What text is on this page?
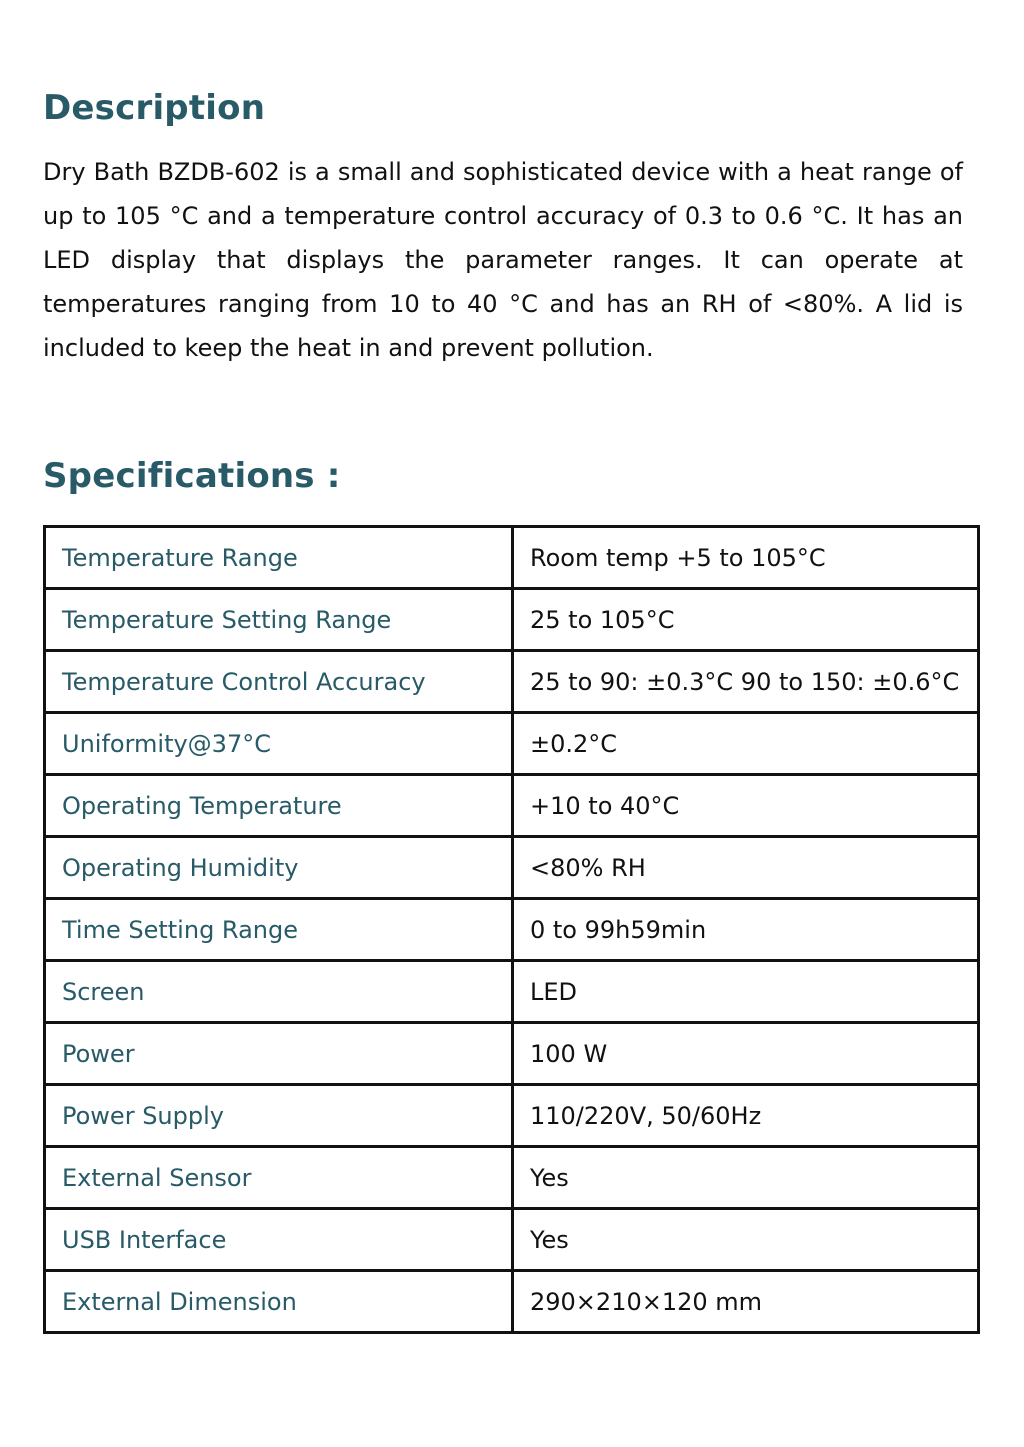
Description

Dry Bath BZDB-602 is a small and sophisticated device with a heat range of up to 105 °C and a temperature control accuracy of 0.3 to 0.6 °C. It has an LED display that displays the parameter ranges. It can operate at temperatures ranging from 10 to 40 °C and has an RH of <80%. A lid is included to keep the heat in and prevent pollution.

Specifications :
Temperature Range	Room temp +5 to 105°C
Temperature Setting Range	25 to 105°C
Temperature Control Accuracy	25 to 90: ±0.3°C 90 to 150: ±0.6°C
Uniformity@37°C	±0.2°C
Operating Temperature	+10 to 40°C
Operating Humidity	<80% RH
Time Setting Range	0 to 99h59min
Screen	LED
Power	100 W
Power Supply	110/220V, 50/60Hz
External Sensor	Yes
USB Interface	Yes
External Dimension	290×210×120 mm
